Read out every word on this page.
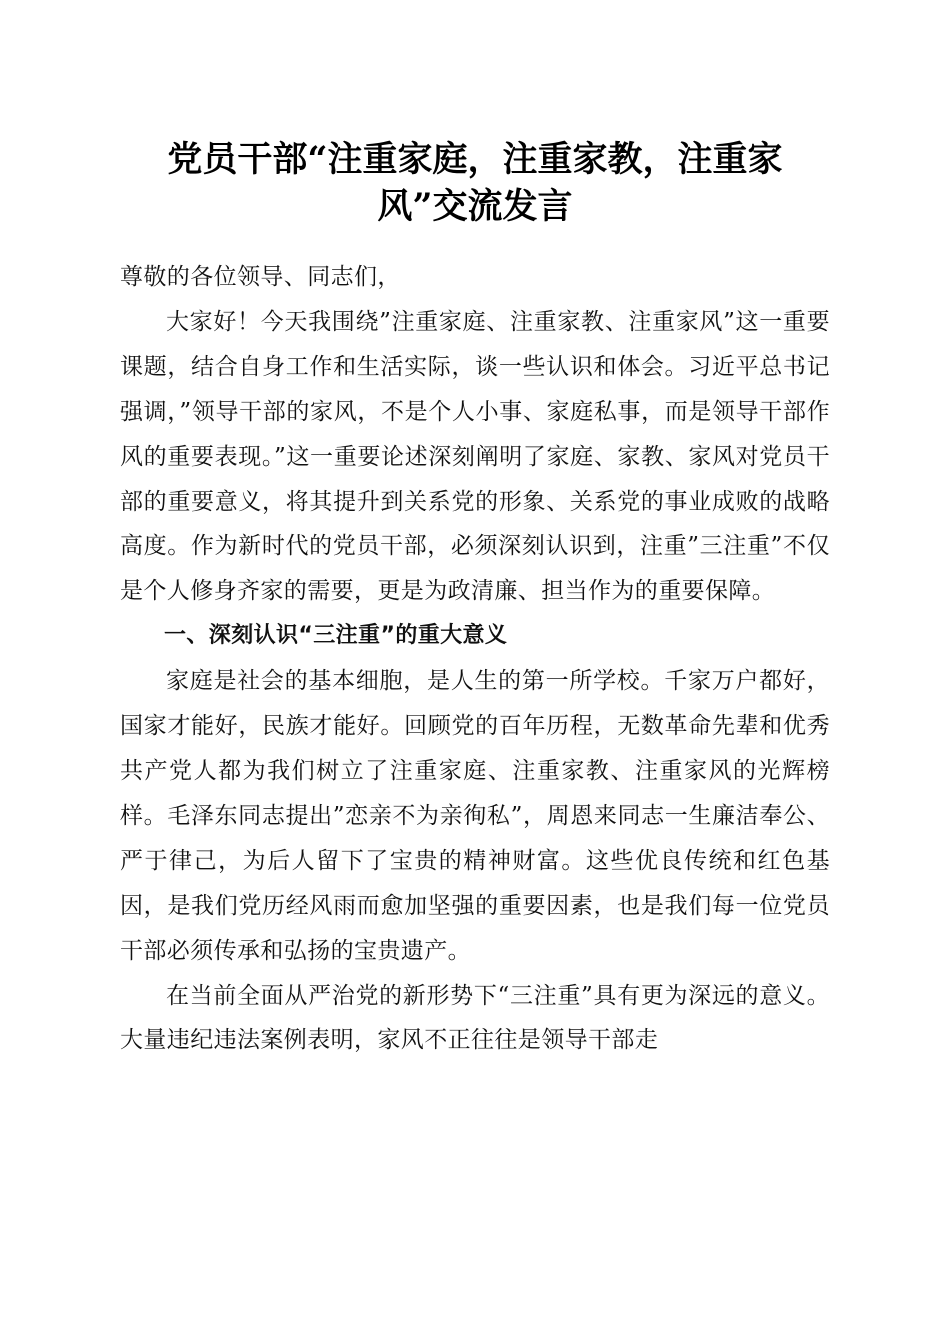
党员干部“注重家庭，注重家教，注重家
风”交流发言

尊敬的各位领导、同志们，

大家好！今天我围绕”注重家庭、注重家教、注重家风”这一重要课题，结合自身工作和生活实际，谈一些认识和体会。习近平总书记强调，”领导干部的家风，不是个人小事、家庭私事，而是领导干部作风的重要表现。”这一重要论述深刻阐明了家庭、家教、家风对党员干部的重要意义，将其提升到关系党的形象、关系党的事业成败的战略高度。作为新时代的党员干部，必须深刻认识到，注重”三注重”不仅是个人修身齐家的需要，更是为政清廉、担当作为的重要保障。

一、深刻认识“三注重”的重大意义

家庭是社会的基本细胞，是人生的第一所学校。千家万户都好，国家才能好，民族才能好。回顾党的百年历程，无数革命先辈和优秀共产党人都为我们树立了注重家庭、注重家教、注重家风的光辉榜样。毛泽东同志提出”恋亲不为亲徇私”，周恩来同志一生廉洁奉公、严于律己，为后人留下了宝贵的精神财富。这些优良传统和红色基因，是我们党历经风雨而愈加坚强的重要因素，也是我们每一位党员干部必须传承和弘扬的宝贵遗产。

在当前全面从严治党的新形势下“三注重”具有更为深远的意义。大量违纪违法案例表明，家风不正往往是领导干部走
